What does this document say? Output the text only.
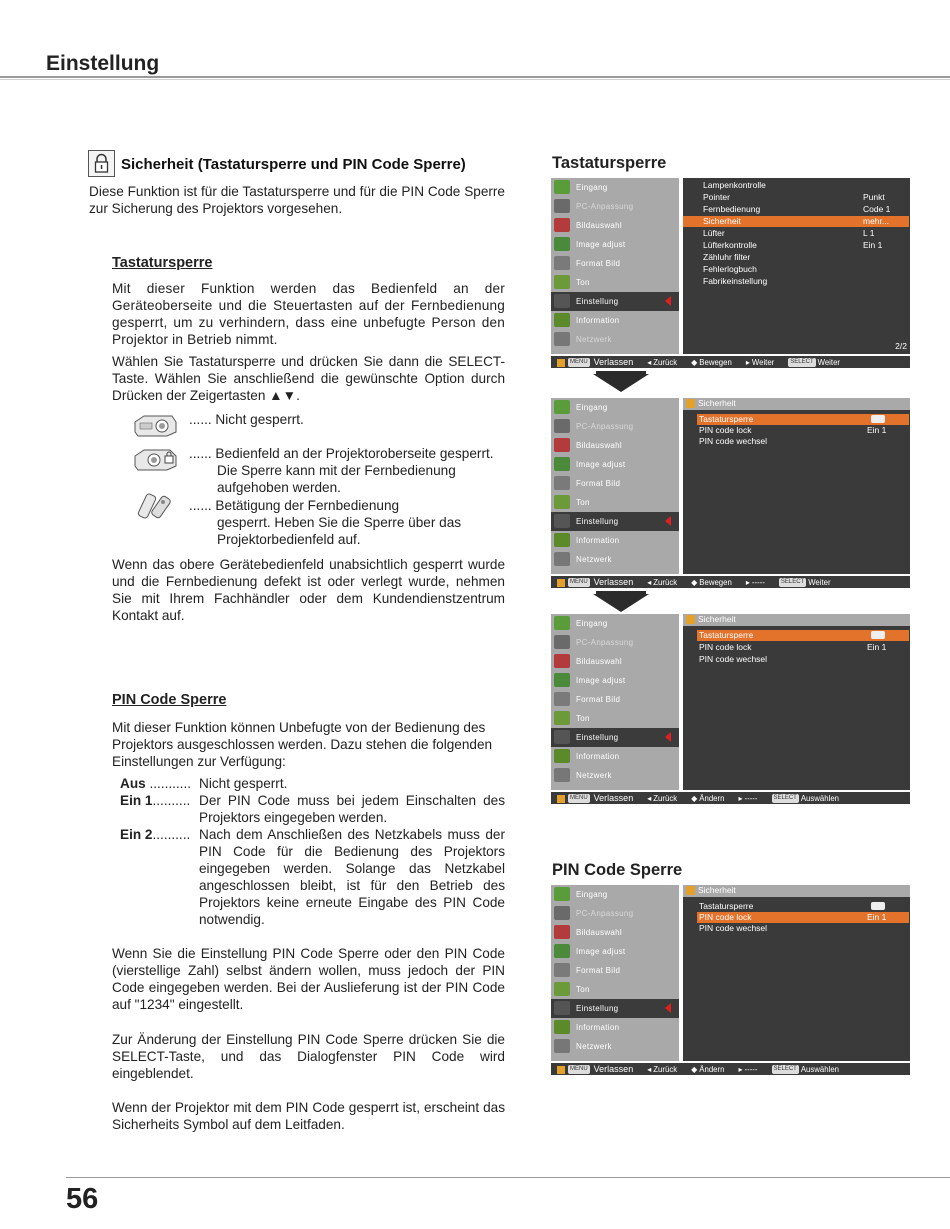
Einstellung
Sicherheit (Tastatursperre und PIN Code Sperre)
Diese Funktion ist für die Tastatursperre und für die PIN Code Sperre zur Sicherung des Projektors vorgesehen.
Tastatursperre
Mit dieser Funktion werden das Bedienfeld an der Geräteoberseite und die Steuertasten auf der Fernbedienung gesperrt, um zu verhindern, dass eine unbefugte Person den Projektor in Betrieb nimmt.
Wählen Sie Tastatursperre und drücken Sie dann die SELECT-Taste. Wählen Sie anschließend die gewünschte Option durch Drücken der Zeigertasten ▲▼.
...... Nicht gesperrt.
...... Bedienfeld an der Projektoroberseite gesperrt.
Die Sperre kann mit der Fernbedienung
aufgehoben werden.
...... Betätigung der Fernbedienung
gesperrt. Heben Sie die Sperre über das
Projektorbedienfeld auf.
Wenn das obere Gerätebedienfeld unabsichtlich gesperrt wurde und die Fernbedienung defekt ist oder verlegt wurde, nehmen Sie mit Ihrem Fachhändler oder dem Kundendienstzentrum Kontakt auf.
PIN Code Sperre
Mit dieser Funktion können Unbefugte von der Bedienung des Projektors ausgeschlossen werden. Dazu stehen die folgenden Einstellungen zur Verfügung:
Aus ........... Nicht gesperrt.
Ein 1.......... Der PIN Code muss bei jedem Einschalten des Projektors eingegeben werden.
Ein 2.......... Nach dem Anschließen des Netzkabels muss der PIN Code für die Bedienung des Projektors eingegeben werden. Solange das Netzkabel angeschlossen bleibt, ist für den Betrieb des Projektors keine erneute Eingabe des PIN Code notwendig.
Wenn Sie die Einstellung PIN Code Sperre oder den PIN Code (vierstellige Zahl) selbst ändern wollen, muss jedoch der PIN Code eingegeben werden. Bei der Auslieferung ist der PIN Code auf "1234" eingestellt.
Zur Änderung der Einstellung PIN Code Sperre drücken Sie die SELECT-Taste, und das Dialogfenster PIN Code wird eingeblendet.
Wenn der Projektor mit dem PIN Code gesperrt ist, erscheint das Sicherheits Symbol auf dem Leitfaden.
Tastatursperre
PIN Code Sperre
Eingang
PC-Anpassung
Bildauswahl
Image adjust
Format Bild
Ton
Einstellung
Information
Netzwerk
Lampenkontrolle
Pointer	Punkt
Fernbedienung	Code 1
Sicherheit	mehr...
Lüfter	L 1
Lüfterkontrolle	Ein 1
Zähluhr filter
Fehlerlogbuch
Fabrikeinstellung
2/2
MENU Verlassen ◂ Zurück ◆ Bewegen ▸ Weiter	SELECT Weiter
Eingang
PC-Anpassung
Bildauswahl
Image adjust
Format Bild
Ton
Einstellung
Information
Netzwerk
Sicherheit
Tastatursperre
PIN code lock	Ein 1
PIN code wechsel
MENU Verlassen ◂ Zurück ◆ Bewegen ▸ -----	SELECT Weiter
Eingang
PC-Anpassung
Bildauswahl
Image adjust
Format Bild
Ton
Einstellung
Information
Netzwerk
Sicherheit
Tastatursperre
PIN code lock	Ein 1
PIN code wechsel
MENU Verlassen ◂ Zurück ◆ Ändern ▸ -----	SELECT Auswählen
Eingang
PC-Anpassung
Bildauswahl
Image adjust
Format Bild
Ton
Einstellung
Information
Netzwerk
Sicherheit
Tastatursperre
PIN code lock	Ein 1
PIN code wechsel
MENU Verlassen ◂ Zurück ◆ Ändern ▸ -----	SELECT Auswählen
56
